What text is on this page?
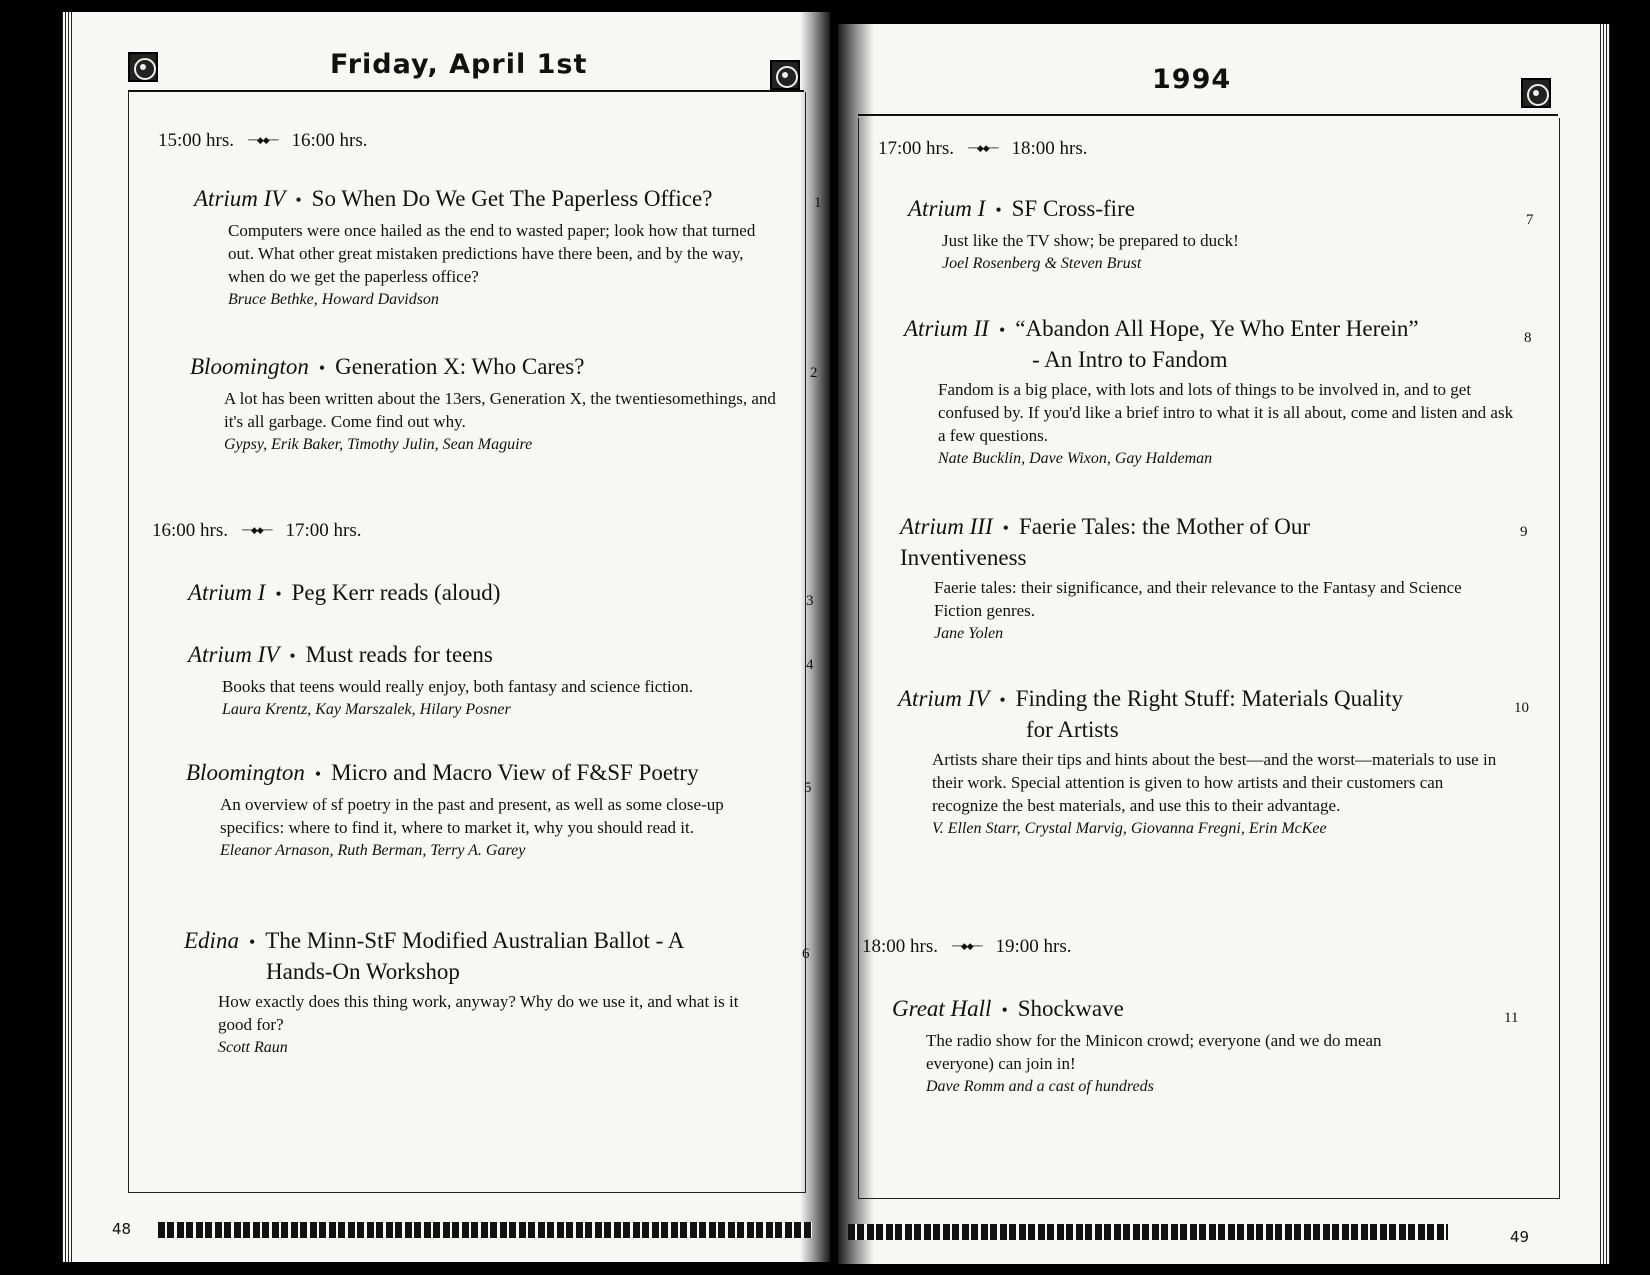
Friday, April 1st
15:00 hrs. ──◆◆── 16:00 hrs.
Atrium IV • So When Do We Get The Paperless Office?
Computers were once hailed as the end to wasted paper; look how that turned out. What other great mistaken predictions have there been, and by the way, when do we get the paperless office?
Bruce Bethke, Howard Davidson
1
Bloomington • Generation X: Who Cares?
A lot has been written about the 13ers, Generation X, the twentiesomethings, and it's all garbage. Come find out why.
Gypsy, Erik Baker, Timothy Julin, Sean Maguire
2
16:00 hrs. ──◆◆── 17:00 hrs.
Atrium I • Peg Kerr reads (aloud)	3
Atrium IV • Must reads for teens
Books that teens would really enjoy, both fantasy and science fiction.
Laura Krentz, Kay Marszalek, Hilary Posner
4
Bloomington • Micro and Macro View of F&SF Poetry
An overview of sf poetry in the past and present, as well as some close-up specifics: where to find it, where to market it, why you should read it.
Eleanor Arnason, Ruth Berman, Terry A. Garey
5
Edina • The Minn-StF Modified Australian Ballot - A
Hands-On Workshop
How exactly does this thing work, anyway? Why do we use it, and what is it good for?
Scott Raun
6
48
1994
17:00 hrs. ──◆◆── 18:00 hrs.
Atrium I • SF Cross-fire
Just like the TV show; be prepared to duck!
Joel Rosenberg & Steven Brust
7
Atrium II • “Abandon All Hope, Ye Who Enter Herein”
- An Intro to Fandom
Fandom is a big place, with lots and lots of things to be involved in, and to get confused by. If you'd like a brief intro to what it is all about, come and listen and ask a few questions.
Nate Bucklin, Dave Wixon, Gay Haldeman
8
Atrium III • Faerie Tales: the Mother of Our
Inventiveness
Faerie tales: their significance, and their relevance to the Fantasy and Science Fiction genres.
Jane Yolen
9
Atrium IV • Finding the Right Stuff: Materials Quality
for Artists
Artists share their tips and hints about the best—and the worst—materials to use in their work. Special attention is given to how artists and their customers can recognize the best materials, and use this to their advantage.
V. Ellen Starr, Crystal Marvig, Giovanna Fregni, Erin McKee
10
18:00 hrs. ──◆◆── 19:00 hrs.
Great Hall • Shockwave
The radio show for the Minicon crowd; everyone (and we do mean everyone) can join in!
Dave Romm and a cast of hundreds
11
49
